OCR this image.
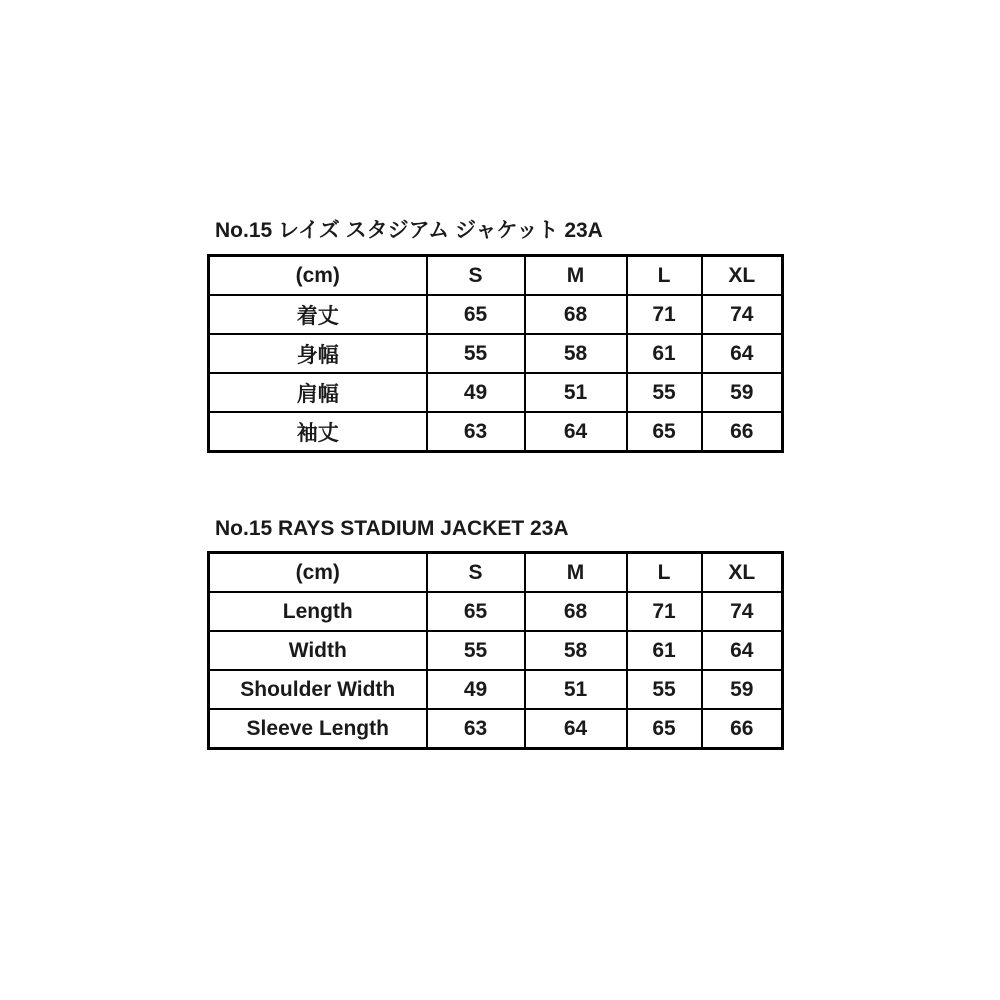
No.15 レイズ スタジアム ジャケット 23A
(cm)	S	M	L	XL
着丈	65	68	71	74
身幅	55	58	61	64
肩幅	49	51	55	59
袖丈	63	64	65	66
No.15 RAYS STADIUM JACKET 23A
(cm)	S	M	L	XL
Length	65	68	71	74
Width	55	58	61	64
Shoulder Width	49	51	55	59
Sleeve Length	63	64	65	66
